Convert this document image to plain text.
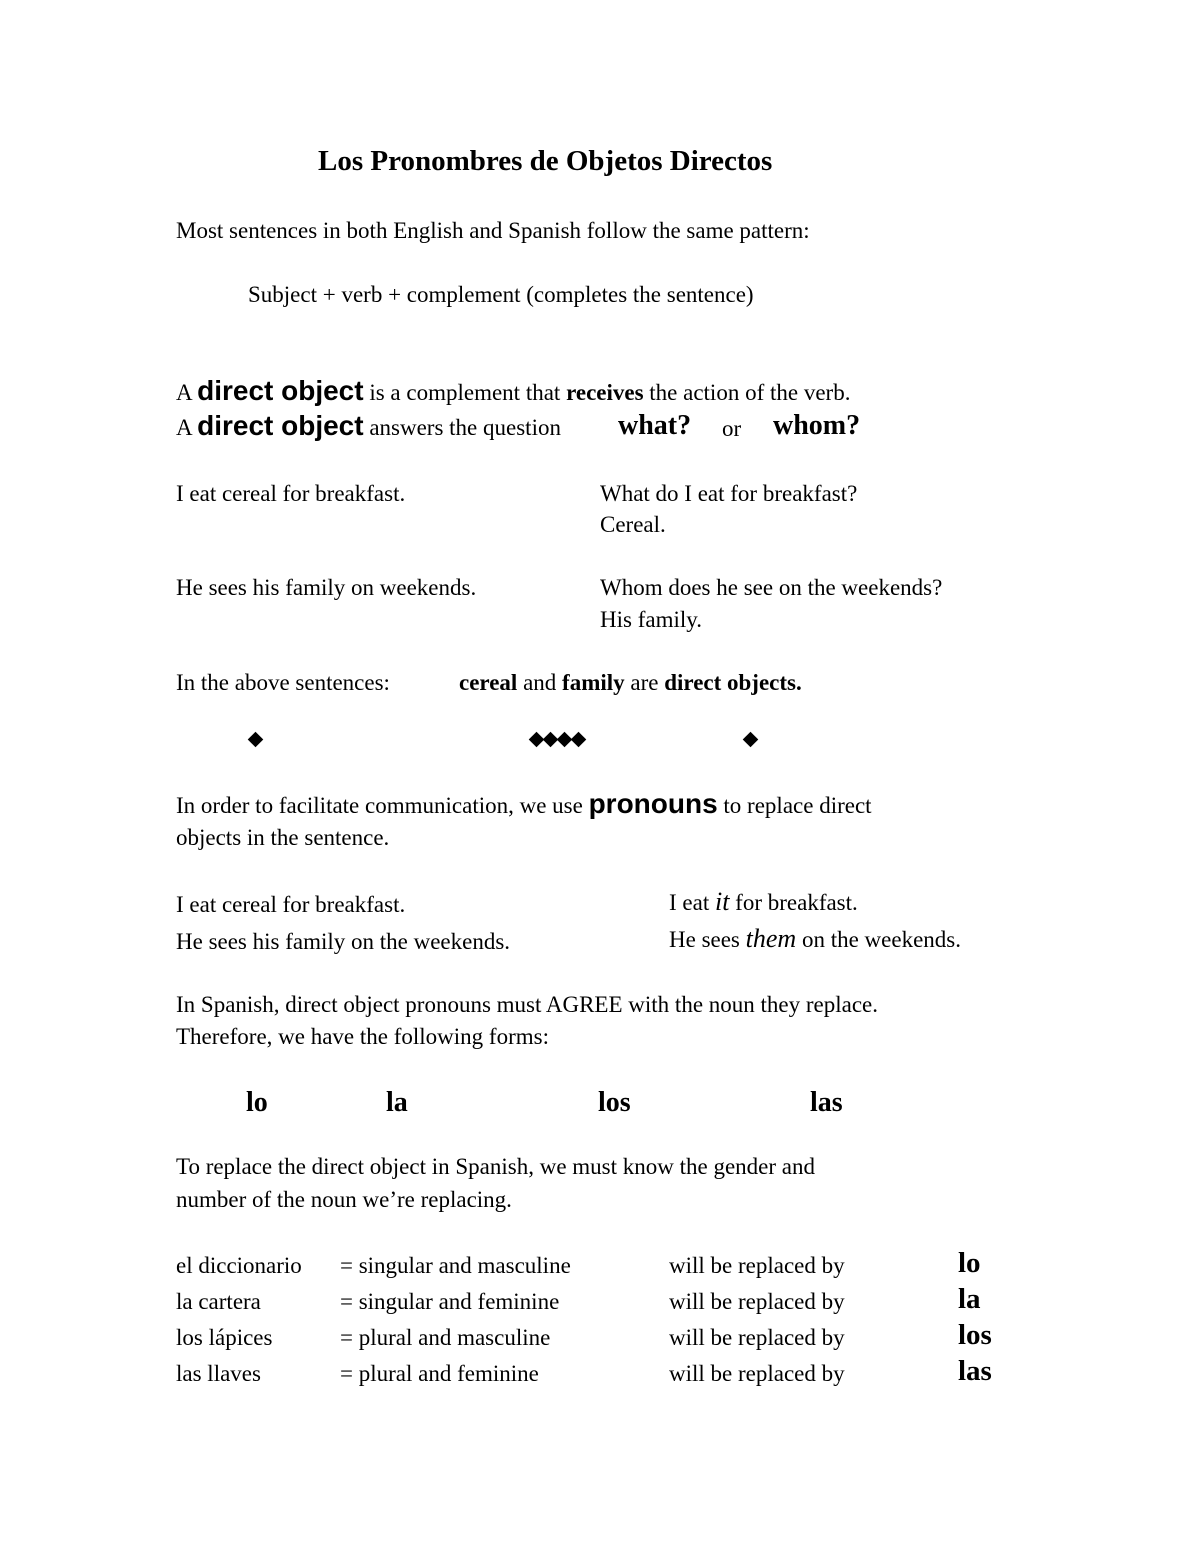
Los Pronombres de Objetos Directos
Most sentences in both English and Spanish follow the same pattern:
Subject + verb + complement (completes the sentence)
A direct object is a complement that receives the action of the verb.
A direct object answers the question what? or whom?
I eat cereal for breakfast.	What do I eat for breakfast?
Cereal.
He sees his family on weekends.	Whom does he see on the weekends?
His family.
In the above sentences:	cereal and family are direct objects.
In order to facilitate communication, we use pronouns to replace direct
objects in the sentence.
I eat cereal for breakfast.	I eat it for breakfast.
He sees his family on the weekends.	He sees them on the weekends.
In Spanish, direct object pronouns must AGREE with the noun they replace.
Therefore, we have the following forms:
lo	la	los	las
To replace the direct object in Spanish, we must know the gender and
number of the noun we’re replacing.
el diccionario = singular and masculine	will be replaced by	lo
la cartera	= singular and feminine	will be replaced by	la
los lápices	= plural and masculine	will be replaced by	los
las llaves	= plural and feminine	will be replaced by	las
